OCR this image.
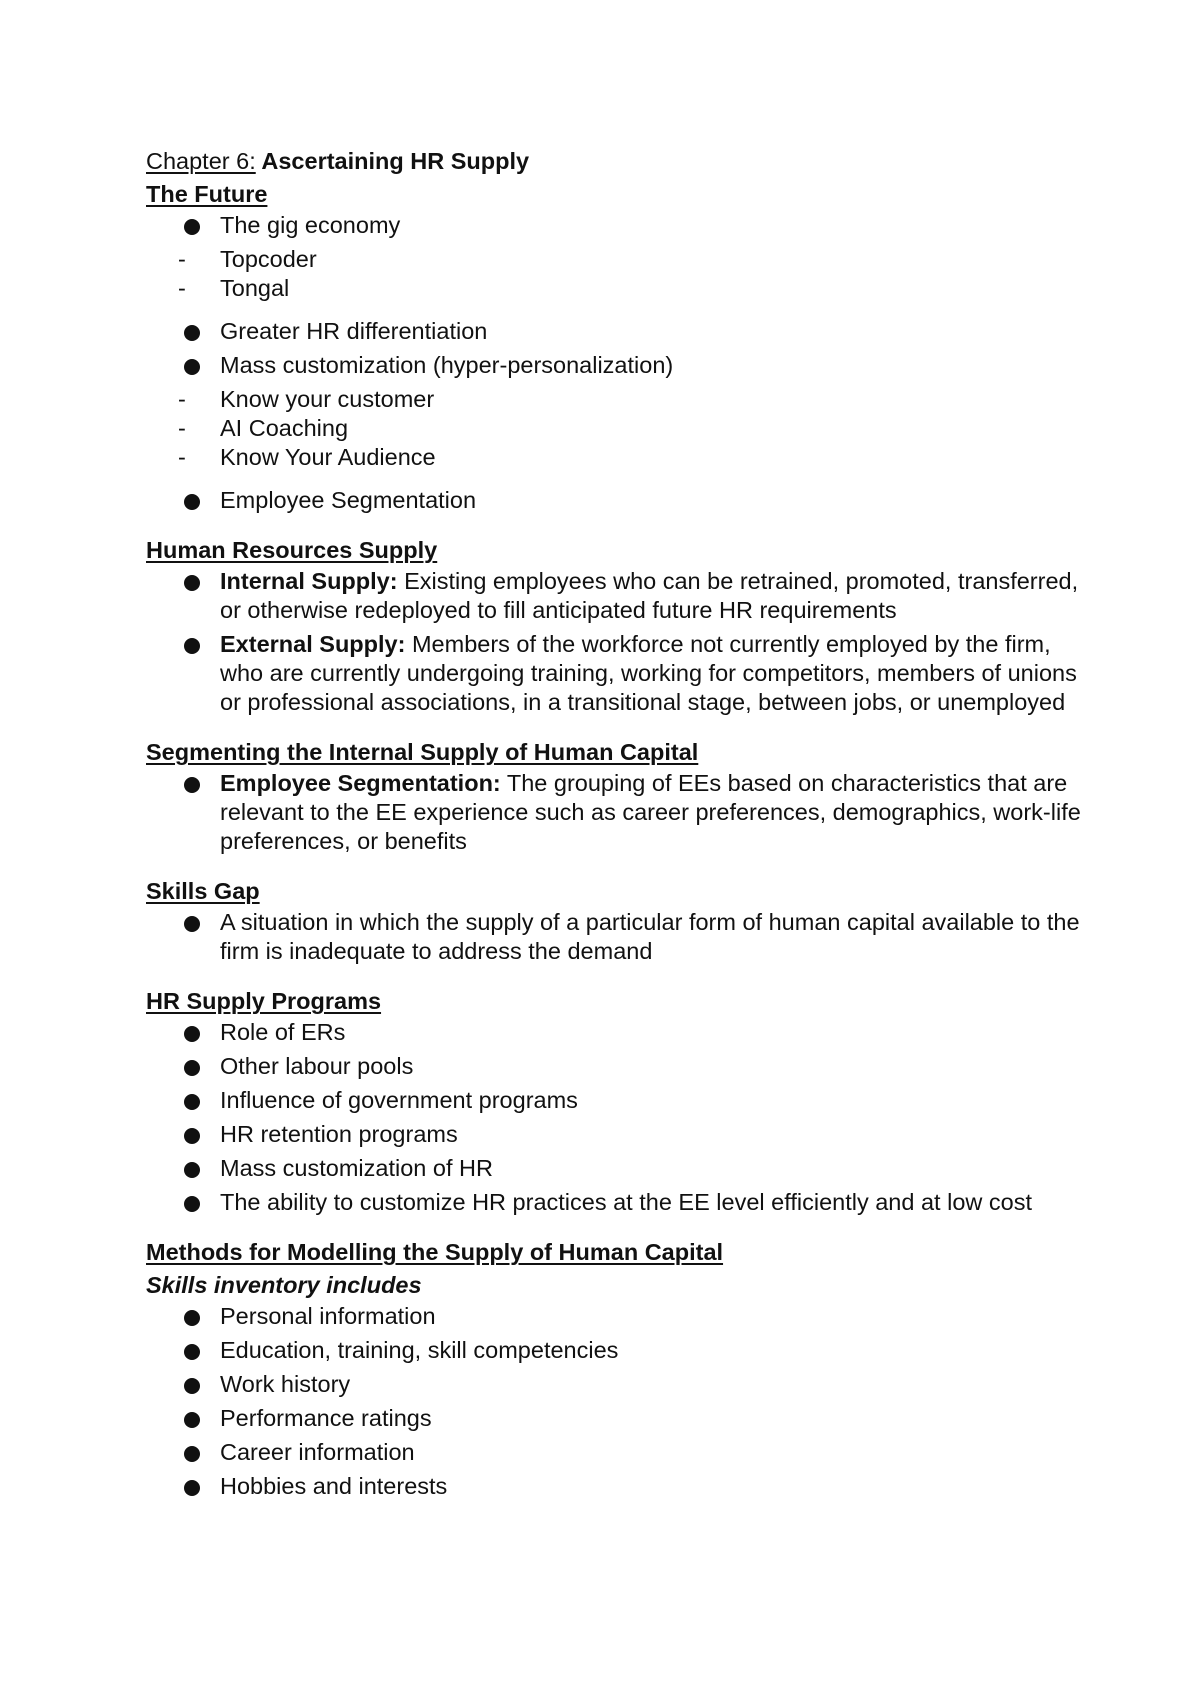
Chapter 6: Ascertaining HR Supply

The Future

The gig economy
- Topcoder
- Tongal
Greater HR differentiation
Mass customization (hyper-personalization)
- Know your customer
- AI Coaching
- Know Your Audience
Employee Segmentation

Human Resources Supply

Internal Supply: Existing employees who can be retrained, promoted, transferred, or otherwise redeployed to fill anticipated future HR requirements
External Supply: Members of the workforce not currently employed by the firm, who are currently undergoing training, working for competitors, members of unions or professional associations, in a transitional stage, between jobs, or unemployed

Segmenting the Internal Supply of Human Capital

Employee Segmentation: The grouping of EEs based on characteristics that are relevant to the EE experience such as career preferences, demographics, work-life preferences, or benefits

Skills Gap

A situation in which the supply of a particular form of human capital available to the firm is inadequate to address the demand

HR Supply Programs

Role of ERs
Other labour pools
Influence of government programs
HR retention programs
Mass customization of HR
The ability to customize HR practices at the EE level efficiently and at low cost

Methods for Modelling the Supply of Human Capital

Skills inventory includes

Personal information
Education, training, skill competencies
Work history
Performance ratings
Career information
Hobbies and interests
